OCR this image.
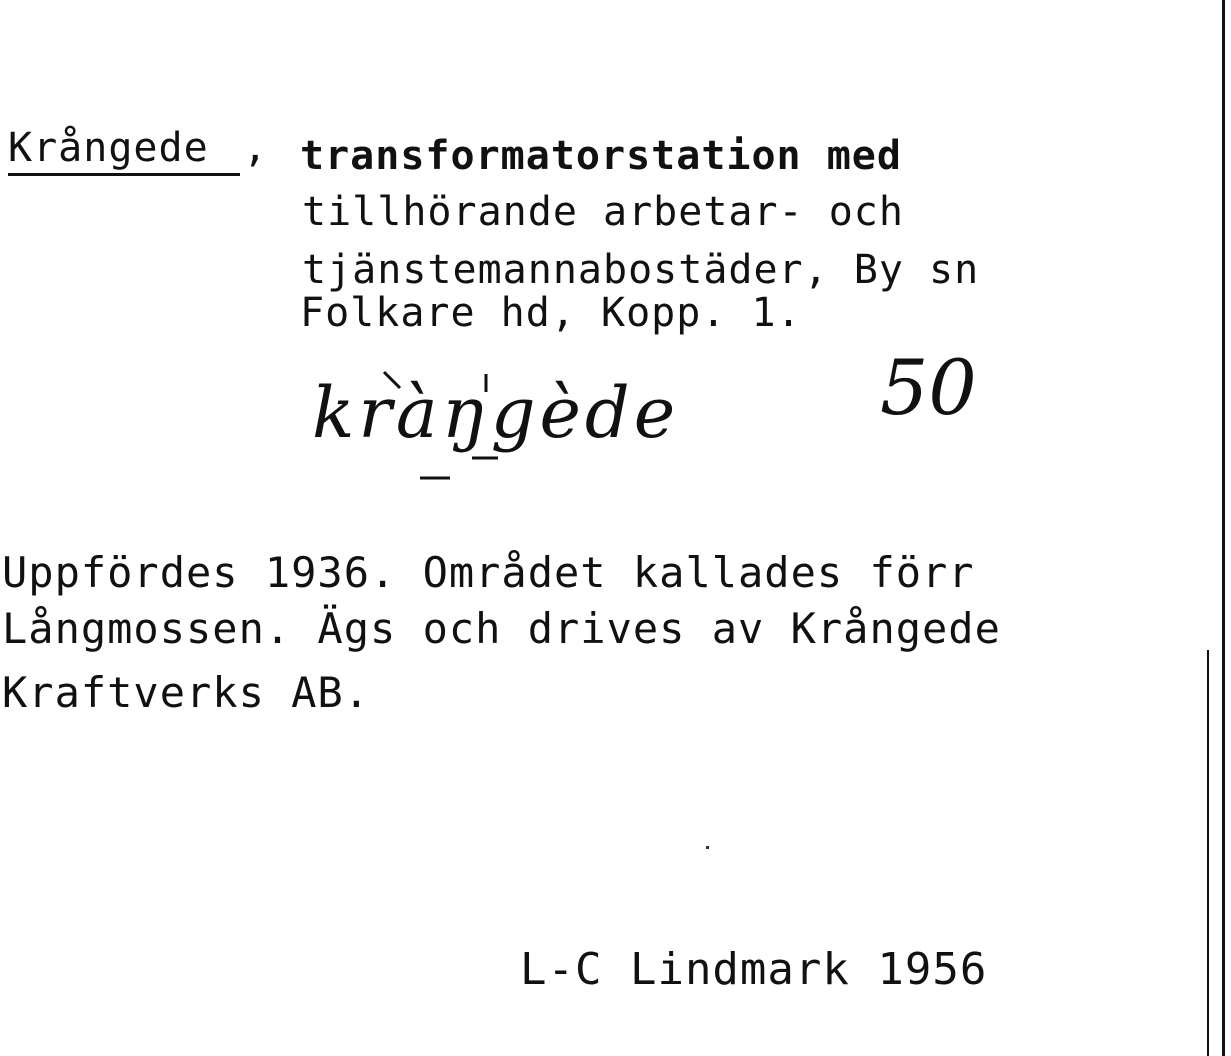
Krångede , transformatorstation med
tillhörande arbetar- och
tjänstemannabostäder, By sn
Folkare hd, Kopp. 1.
kràŋgède	50
Uppfördes 1936. Området kallades förr
Långmossen. Ägs och drives av Krångede
Kraftverks AB.
L-C Lindmark 1956
